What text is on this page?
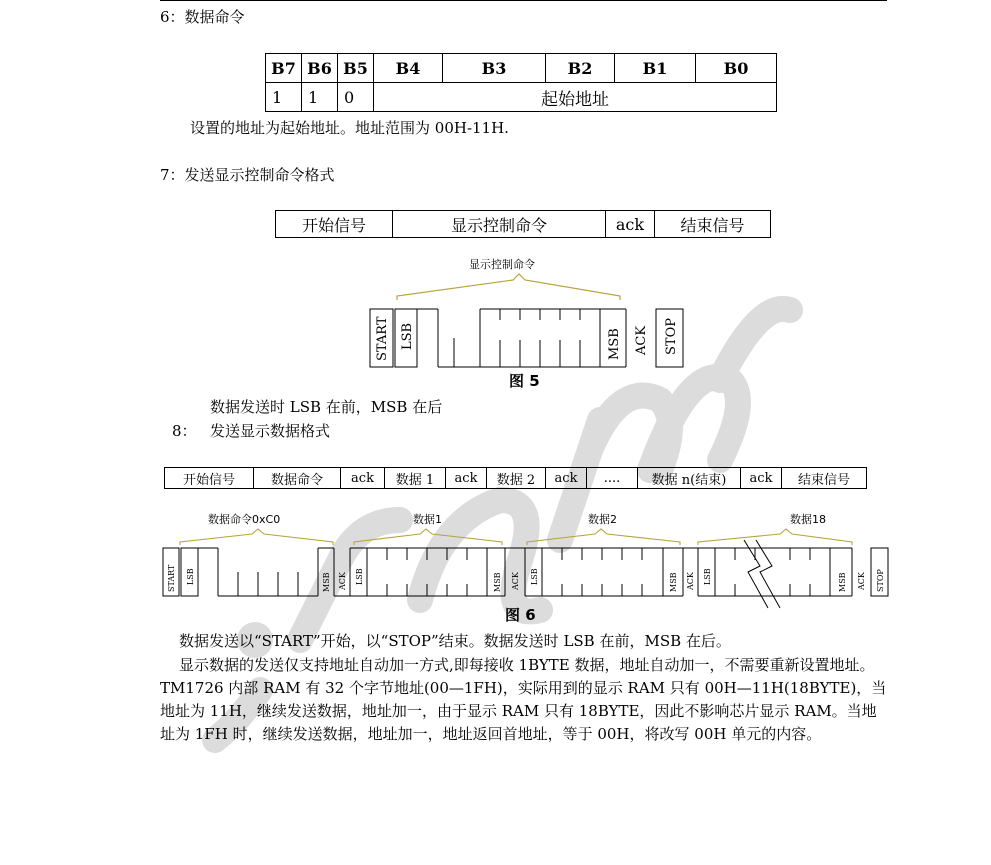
6：数据命令
B7	B6	B5	B4	B3	B2	B1	B0
1	1	0	起始地址				
设置的地址为起始地址。地址范围为 00H-11H.
7：发送显示控制命令格式
开始信号	显示控制命令	ack	结束信号
START LSB	MSB ACK STOP
显示控制命令
图 5
数据发送时 LSB 在前，MSB 在后
8： 发送显示数据格式
开始信号	数据命令	ack	数据 1	ack	数据 2	ack	....	数据 n(结束)	ack	结束信号
数据命令0xC0	数据1	数据2	数据18
START LSB	MSB ACK LSB	MSB ACK LSB	MSB ACK LSB	MSB ACK STOP
图 6
数据发送以“START”开始，以“STOP”结束。数据发送时 LSB 在前，MSB 在后。
显示数据的发送仅支持地址自动加一方式,即每接收 1BYTE 数据，地址自动加一，不需要重新设置地址。TM1726 内部 RAM 有 32 个字节地址(00—1FH)，实际用到的显示 RAM 只有 00H—11H(18BYTE)，当地址为 11H，继续发送数据，地址加一，由于显示 RAM 只有 18BYTE，因此不影响芯片显示 RAM。当地址为 1FH 时，继续发送数据，地址加一，地址返回首地址，等于 00H，将改写 00H 单元的内容。
